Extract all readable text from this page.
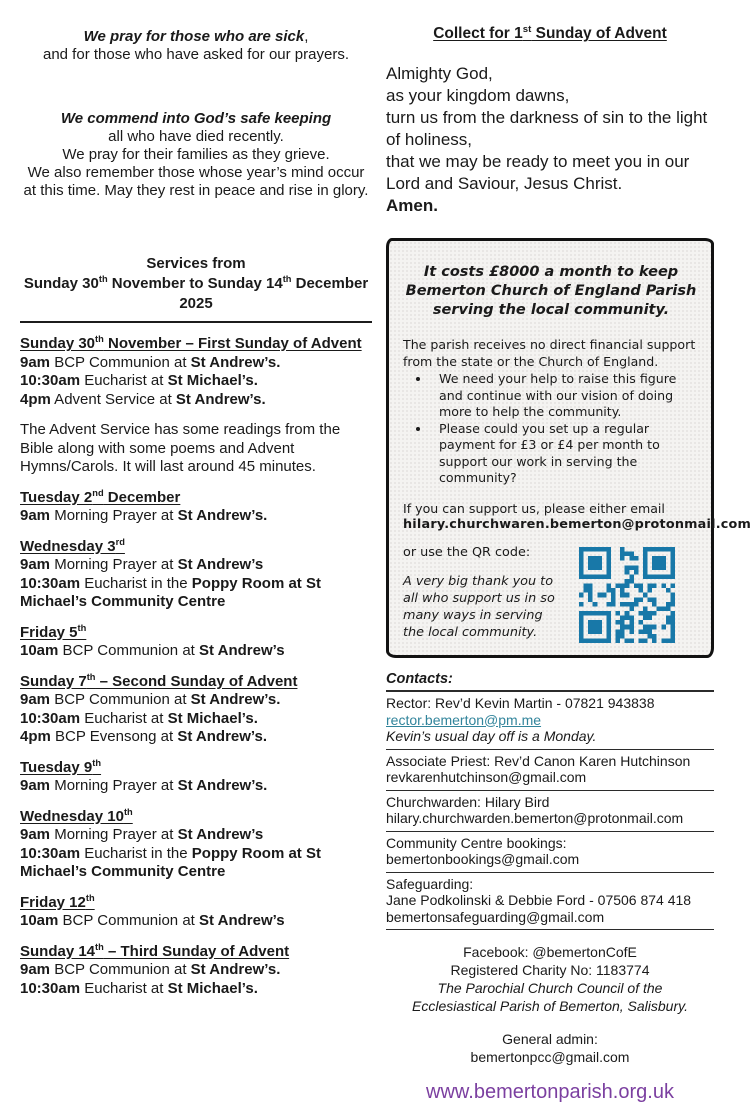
We pray for those who are sick,
and for those who have asked for our prayers.
We commend into God’s safe keeping
all who have died recently.
We pray for their families as they grieve.
We also remember those whose year’s mind occur at this time. May they rest in peace and rise in glory.
Services from
Sunday 30th November to Sunday 14th December
2025
Sunday 30th November – First Sunday of Advent
9am BCP Communion at St Andrew’s.
10:30am Eucharist at St Michael’s.
4pm Advent Service at St Andrew’s.

The Advent Service has some readings from the Bible along with some poems and Advent Hymns/Carols. It will last around 45 minutes.

Tuesday 2nd December
9am Morning Prayer at St Andrew’s.
Wednesday 3rd
9am Morning Prayer at St Andrew’s
10:30am Eucharist in the Poppy Room at St Michael’s Community Centre
Friday 5th
10am BCP Communion at St Andrew’s
Sunday 7th – Second Sunday of Advent
9am BCP Communion at St Andrew’s.
10:30am Eucharist at St Michael’s.
4pm BCP Evensong at St Andrew’s.
Tuesday 9th
9am Morning Prayer at St Andrew’s.
Wednesday 10th
9am Morning Prayer at St Andrew’s
10:30am Eucharist in the Poppy Room at St Michael’s Community Centre
Friday 12th
10am BCP Communion at St Andrew’s
Sunday 14th – Third Sunday of Advent
9am BCP Communion at St Andrew’s.
10:30am Eucharist at St Michael’s.
Collect for 1st Sunday of Advent
Almighty God,
as your kingdom dawns,
turn us from the darkness of sin to the light of holiness,
that we may be ready to meet you in our Lord and Saviour, Jesus Christ.
Amen.
It costs £8000 a month to keep Bemerton Church of England Parish serving the local community.
The parish receives no direct financial support from the state or the Church of England.
• We need your help to raise this figure and continue with our vision of doing more to help the community.
• Please could you set up a regular payment for £3 or £4 per month to support our work in serving the community?
If you can support us, please either email
hilary.churchwaren.bemerton@protonmail.com
or use the QR code:
A very big thank you to all who support us in so many ways in serving the local community.
Contacts:
Rector: Rev’d Kevin Martin - 07821 943838
rector.bemerton@pm.me
Kevin’s usual day off is a Monday.
Associate Priest: Rev’d Canon Karen Hutchinson
revkarenhutchinson@gmail.com
Churchwarden: Hilary Bird
hilary.churchwarden.bemerton@protonmail.com
Community Centre bookings:
bemertonbookings@gmail.com
Safeguarding:
Jane Podkolinski & Debbie Ford - 07506 874 418
bemertonsafeguarding@gmail.com
Facebook: @bemertonCofE
Registered Charity No: 1183774
The Parochial Church Council of the
Ecclesiastical Parish of Bemerton, Salisbury.
General admin:
bemertonpcc@gmail.com
www.bemertonparish.org.uk
